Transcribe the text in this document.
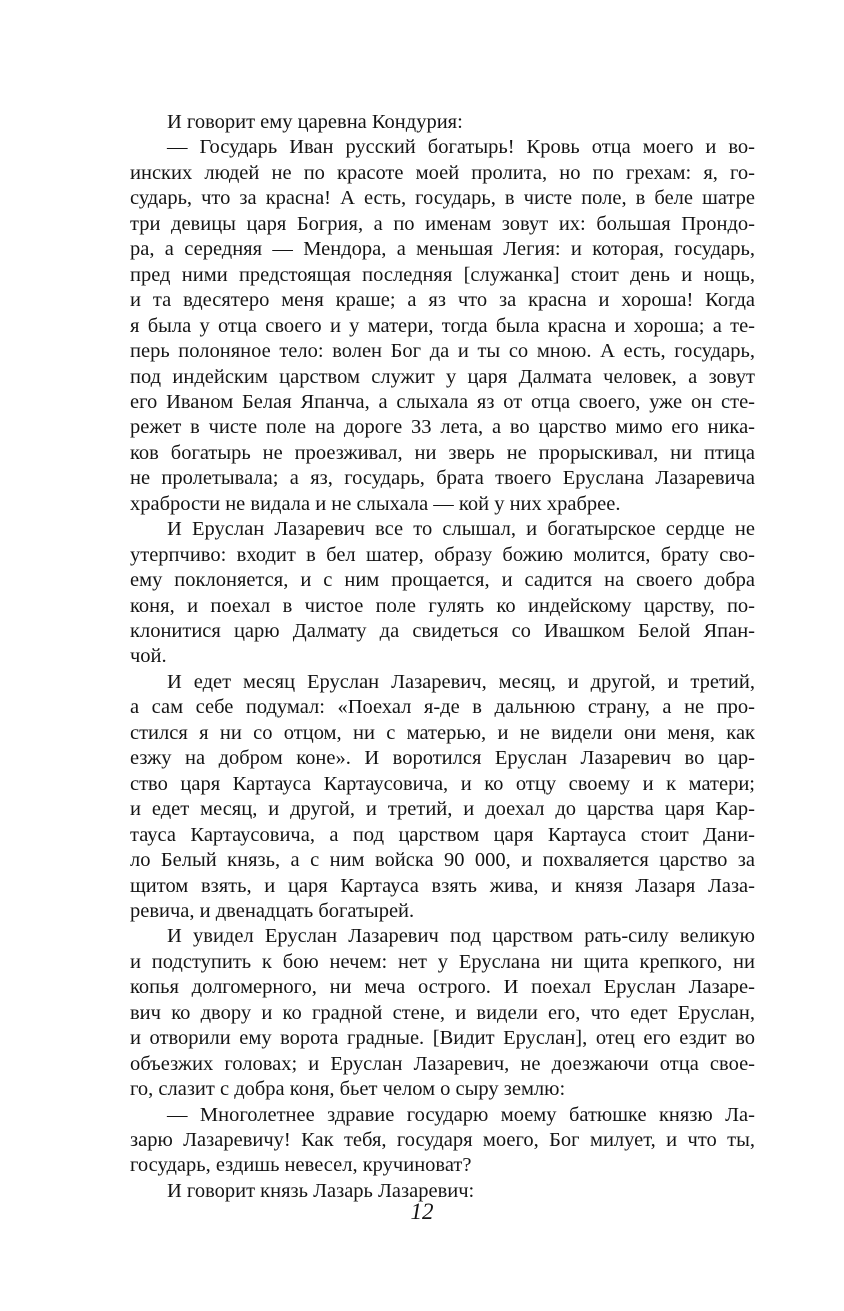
И говорит ему царевна Кондурия:
— Государь Иван русский богатырь! Кровь отца моего и во-
инских людей не по красоте моей пролита, но по грехам: я, го-
сударь, что за красна! А есть, государь, в чисте поле, в беле шатре
три девицы царя Богрия, а по именам зовут их: большая Прондо-
ра, а середняя — Мендора, а меньшая Легия: и которая, государь,
пред ними предстоящая последняя [служанка] стоит день и нощь,
и та вдесятеро меня краше; а яз что за красна и хороша! Когда
я была у отца своего и у матери, тогда была красна и хороша; а те-
перь полоняное тело: волен Бог да и ты со мною. А есть, государь,
под индейским царством служит у царя Далмата человек, а зовут
его Иваном Белая Япанча, а слыхала яз от отца своего, уже он сте-
режет в чисте поле на дороге 33 лета, а во царство мимо его ника-
ков богатырь не проезживал, ни зверь не прорыскивал, ни птица
не пролетывала; а яз, государь, брата твоего Еруслана Лазаревича
храбрости не видала и не слыхала — кой у них храбрее.
И Еруслан Лазаревич все то слышал, и богатырское сердце не
утерпчиво: входит в бел шатер, образу божию молится, брату сво-
ему поклоняется, и с ним прощается, и садится на своего добра
коня, и поехал в чистое поле гулять ко индейскому царству, по-
клонитися царю Далмату да свидеться со Ивашком Белой Япан-
чой.
И едет месяц Еруслан Лазаревич, месяц, и другой, и третий,
а сам себе подумал: «Поехал я-де в дальнюю страну, а не про-
стился я ни со отцом, ни с матерью, и не видели они меня, как
езжу на добром коне». И воротился Еруслан Лазаревич во цар-
ство царя Картауса Картаусовича, и ко отцу своему и к матери;
и едет месяц, и другой, и третий, и доехал до царства царя Кар-
тауса Картаусовича, а под царством царя Картауса стоит Дани-
ло Белый князь, а с ним войска 90 000, и похваляется царство за
щитом взять, и царя Картауса взять жива, и князя Лазаря Лаза-
ревича, и двенадцать богатырей.
И увидел Еруслан Лазаревич под царством рать-силу великую
и подступить к бою нечем: нет у Еруслана ни щита крепкого, ни
копья долгомерного, ни меча острого. И поехал Еруслан Лазаре-
вич ко двору и ко градной стене, и видели его, что едет Еруслан,
и отворили ему ворота градные. [Видит Еруслан], отец его ездит во
объезжих головах; и Еруслан Лазаревич, не доезжаючи отца свое-
го, слазит с добра коня, бьет челом о сыру землю:
— Многолетнее здравие государю моему батюшке князю Ла-
зарю Лазаревичу! Как тебя, государя моего, Бог милует, и что ты,
государь, ездишь невесел, кручиноват?
И говорит князь Лазарь Лазаревич:
12
